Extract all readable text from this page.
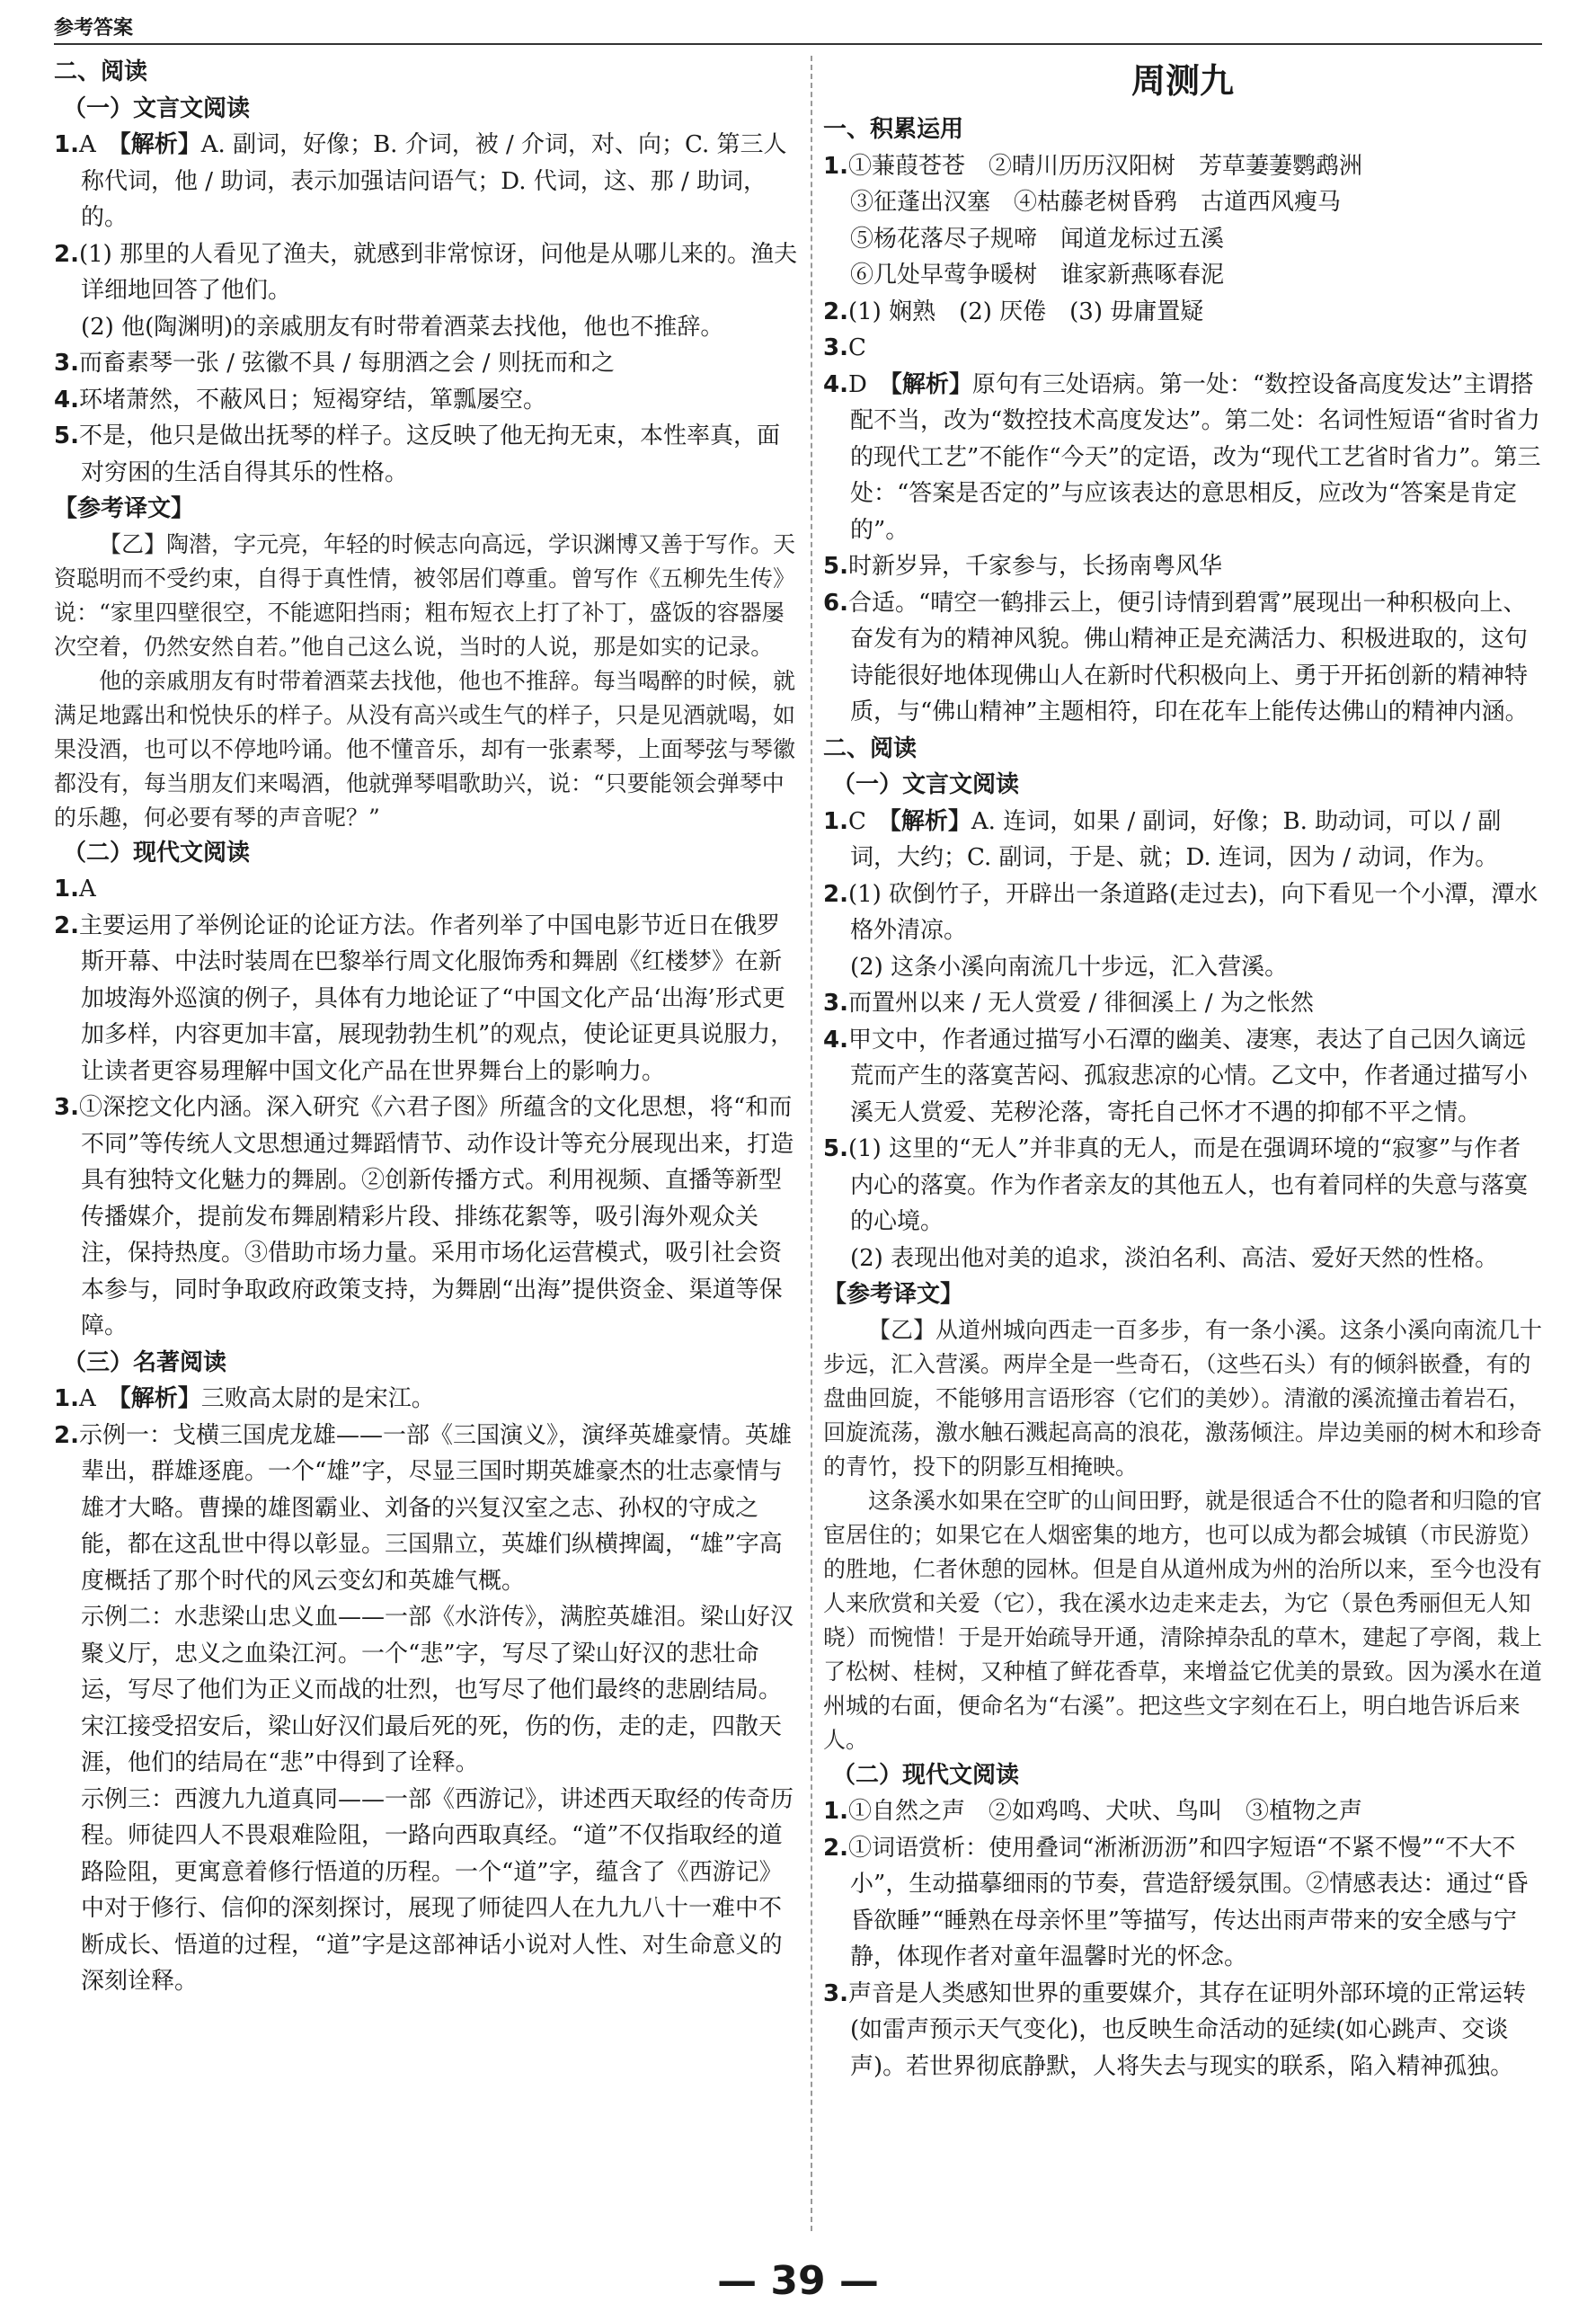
参考答案
二、阅读
（一）文言文阅读
1.A　【解析】A. 副词，好像；B. 介词，被 / 介词，对、向；C. 第三人称代词，他 / 助词，表示加强诘问语气；D. 代词，这、那 / 助词，的。
2.(1) 那里的人看见了渔夫，就感到非常惊讶，问他是从哪儿来的。渔夫详细地回答了他们。
(2) 他(陶渊明)的亲戚朋友有时带着酒菜去找他，他也不推辞。
3.而畜素琴一张 / 弦徽不具 / 每朋酒之会 / 则抚而和之
4.环堵萧然，不蔽风日；短褐穿结，箪瓢屡空。
5.不是，他只是做出抚琴的样子。这反映了他无拘无束，本性率真，面对穷困的生活自得其乐的性格。
【参考译文】
【乙】陶潜，字元亮，年轻的时候志向高远，学识渊博又善于写作。天资聪明而不受约束，自得于真性情，被邻居们尊重。曾写作《五柳先生传》说：“家里四壁很空，不能遮阳挡雨；粗布短衣上打了补丁，盛饭的容器屡次空着，仍然安然自若。”他自己这么说，当时的人说，那是如实的记录。
他的亲戚朋友有时带着酒菜去找他，他也不推辞。每当喝醉的时候，就满足地露出和悦快乐的样子。从没有高兴或生气的样子，只是见酒就喝，如果没酒，也可以不停地吟诵。他不懂音乐，却有一张素琴，上面琴弦与琴徽都没有，每当朋友们来喝酒，他就弹琴唱歌助兴，说：“只要能领会弹琴中的乐趣，何必要有琴的声音呢？”
（二）现代文阅读
1.A
2.主要运用了举例论证的论证方法。作者列举了中国电影节近日在俄罗斯开幕、中法时装周在巴黎举行周文化服饰秀和舞剧《红楼梦》在新加坡海外巡演的例子，具体有力地论证了“中国文化产品‘出海’形式更加多样，内容更加丰富，展现勃勃生机”的观点，使论证更具说服力，让读者更容易理解中国文化产品在世界舞台上的影响力。
3.①深挖文化内涵。深入研究《六君子图》所蕴含的文化思想，将“和而不同”等传统人文思想通过舞蹈情节、动作设计等充分展现出来，打造具有独特文化魅力的舞剧。②创新传播方式。利用视频、直播等新型传播媒介，提前发布舞剧精彩片段、排练花絮等，吸引海外观众关注，保持热度。③借助市场力量。采用市场化运营模式，吸引社会资本参与，同时争取政府政策支持，为舞剧“出海”提供资金、渠道等保障。
（三）名著阅读
1.A　【解析】三败高太尉的是宋江。
2.示例一：戈横三国虎龙雄——一部《三国演义》，演绎英雄豪情。英雄辈出，群雄逐鹿。一个“雄”字，尽显三国时期英雄豪杰的壮志豪情与雄才大略。曹操的雄图霸业、刘备的兴复汉室之志、孙权的守成之能，都在这乱世中得以彰显。三国鼎立，英雄们纵横捭阖，“雄”字高度概括了那个时代的风云变幻和英雄气概。
示例二：水悲梁山忠义血——一部《水浒传》，满腔英雄泪。梁山好汉聚义厅，忠义之血染江河。一个“悲”字，写尽了梁山好汉的悲壮命运，写尽了他们为正义而战的壮烈，也写尽了他们最终的悲剧结局。宋江接受招安后，梁山好汉们最后死的死，伤的伤，走的走，四散天涯，他们的结局在“悲”中得到了诠释。
示例三：西渡九九道真同——一部《西游记》，讲述西天取经的传奇历程。师徒四人不畏艰难险阻，一路向西取真经。“道”不仅指取经的道路险阻，更寓意着修行悟道的历程。一个“道”字，蕴含了《西游记》中对于修行、信仰的深刻探讨，展现了师徒四人在九九八十一难中不断成长、悟道的过程，“道”字是这部神话小说对人性、对生命意义的深刻诠释。
周测九
一、积累运用
1.①蒹葭苍苍　②晴川历历汉阳树　芳草萋萋鹦鹉洲
③征蓬出汉塞　④枯藤老树昏鸦　古道西风瘦马
⑤杨花落尽子规啼　闻道龙标过五溪
⑥几处早莺争暖树　谁家新燕啄春泥
2.(1) 娴熟　(2) 厌倦　(3) 毋庸置疑
3.C
4.D　【解析】原句有三处语病。第一处：“数控设备高度发达”主谓搭配不当，改为“数控技术高度发达”。第二处：名词性短语“省时省力的现代工艺”不能作“今天”的定语，改为“现代工艺省时省力”。第三处：“答案是否定的”与应该表达的意思相反，应改为“答案是肯定的”。
5.时新岁异，千家参与，长扬南粤风华
6.合适。“晴空一鹤排云上，便引诗情到碧霄”展现出一种积极向上、奋发有为的精神风貌。佛山精神正是充满活力、积极进取的，这句诗能很好地体现佛山人在新时代积极向上、勇于开拓创新的精神特质，与“佛山精神”主题相符，印在花车上能传达佛山的精神内涵。
二、阅读
（一）文言文阅读
1.C　【解析】A. 连词，如果 / 副词，好像；B. 助动词，可以 / 副词，大约；C. 副词，于是、就；D. 连词，因为 / 动词，作为。
2.(1) 砍倒竹子，开辟出一条道路(走过去)，向下看见一个小潭，潭水格外清凉。
(2) 这条小溪向南流几十步远，汇入营溪。
3.而置州以来 / 无人赏爱 / 徘徊溪上 / 为之怅然
4.甲文中，作者通过描写小石潭的幽美、凄寒，表达了自己因久谪远荒而产生的落寞苦闷、孤寂悲凉的心情。乙文中，作者通过描写小溪无人赏爱、芜秽沦落，寄托自己怀才不遇的抑郁不平之情。
5.(1) 这里的“无人”并非真的无人，而是在强调环境的“寂寥”与作者内心的落寞。作为作者亲友的其他五人，也有着同样的失意与落寞的心境。
(2) 表现出他对美的追求，淡泊名利、高洁、爱好天然的性格。
【参考译文】
【乙】从道州城向西走一百多步，有一条小溪。这条小溪向南流几十步远，汇入营溪。两岸全是一些奇石，（这些石头）有的倾斜嵌叠，有的盘曲回旋，不能够用言语形容（它们的美妙）。清澈的溪流撞击着岩石，回旋流荡，激水触石溅起高高的浪花，激荡倾注。岸边美丽的树木和珍奇的青竹，投下的阴影互相掩映。
这条溪水如果在空旷的山间田野，就是很适合不仕的隐者和归隐的官宦居住的；如果它在人烟密集的地方，也可以成为都会城镇（市民游览）的胜地，仁者休憩的园林。但是自从道州成为州的治所以来，至今也没有人来欣赏和关爱（它），我在溪水边走来走去，为它（景色秀丽但无人知晓）而惋惜！于是开始疏导开通，清除掉杂乱的草木，建起了亭阁，栽上了松树、桂树，又种植了鲜花香草，来增益它优美的景致。因为溪水在道州城的右面，便命名为“右溪”。把这些文字刻在石上，明白地告诉后来人。
（二）现代文阅读
1.①自然之声　②如鸡鸣、犬吠、鸟叫　③植物之声
2.①词语赏析：使用叠词“淅淅沥沥”和四字短语“不紧不慢”“不大不小”，生动描摹细雨的节奏，营造舒缓氛围。②情感表达：通过“昏昏欲睡”“睡熟在母亲怀里”等描写，传达出雨声带来的安全感与宁静，体现作者对童年温馨时光的怀念。
3.声音是人类感知世界的重要媒介，其存在证明外部环境的正常运转(如雷声预示天气变化)，也反映生命活动的延续(如心跳声、交谈声)。若世界彻底静默，人将失去与现实的联系，陷入精神孤独。
— 39 —
